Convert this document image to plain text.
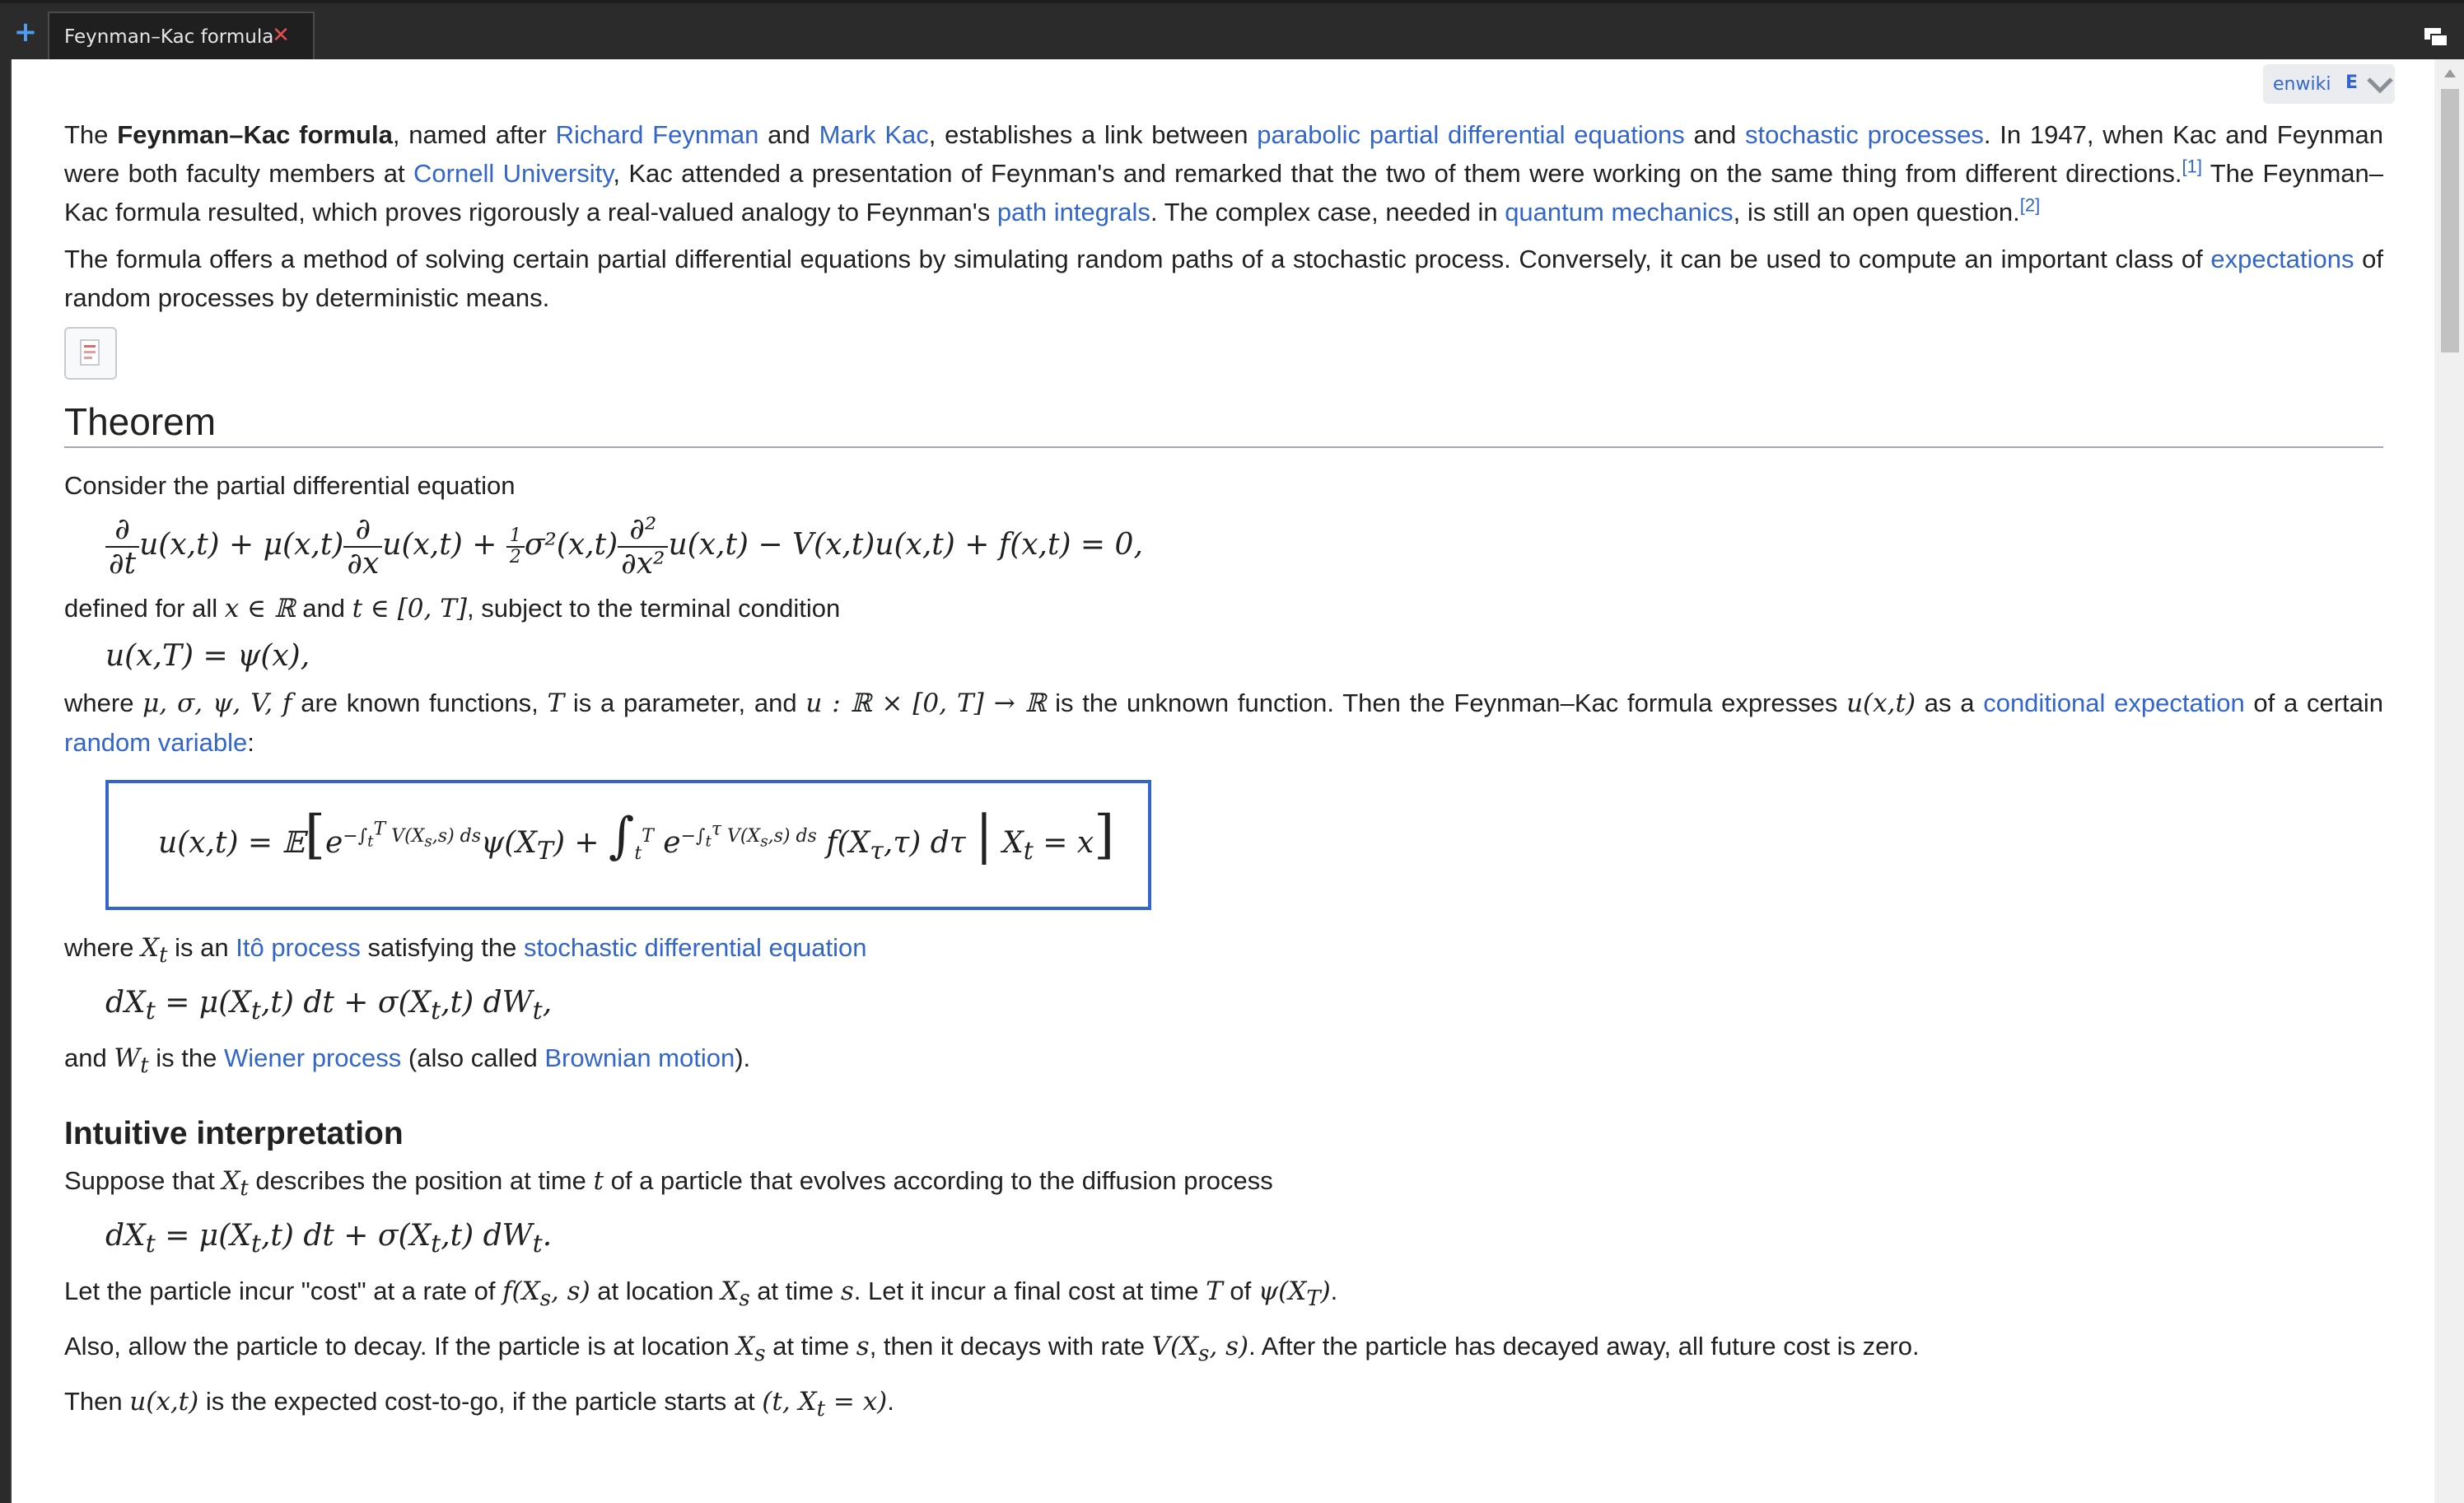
+ Feynman–Kac formula
✕
enwiki E

The Feynman–Kac formula, named after Richard Feynman and Mark Kac, establishes a link between parabolic partial differential equations and stochastic processes. In 1947, when Kac and Feynman were both faculty members at Cornell University, Kac attended a presentation of Feynman's and remarked that the two of them were working on the same thing from different directions.[1] The Feynman–Kac formula resulted, which proves rigorously a real-valued analogy to Feynman's path integrals. The complex case, needed in quantum mechanics, is still an open question.[2]

The formula offers a method of solving certain partial differential equations by simulating random paths of a stochastic process. Conversely, it can be used to compute an important class of expectations of random processes by deterministic means.

Theorem

Consider the partial differential equation

$\frac{\partial}{\partial t} u(x,t) + \mu(x,t) \frac{\partial}{\partial x} u(x,t) + \frac{1}{2} \sigma^2(x,t) \frac{\text{∂²}}{\text{∂x²}} u(x,t) - V(x,t)u(x,t) + f(x,t) = 0$,

defined for all x ∈ ℝ and t ∈ [0, T], subject to the terminal condition

u(x,T) = ψ(x),

where μ, σ, ψ, V, f are known functions, T is a parameter, and u : ℝ × [0, T] → ℝ is the unknown function. Then the Feynman–Kac formula expresses u(x,t) as a conditional expectation of a certain random variable:

$u(x,t) = 𝔼[e^{-\int_t^T V(X_s,s) ds}\psi(X_T) + \int_t^T$ $e^{-\int_t^\tau V(X_s,s) ds}$ $f(X_\tau,\tau)$ dτ | $X_t = x$]

where $X_t$ is an Itô process satisfying the stochastic differential equation

$dX_t = \mu(X_t,t)$ dt + $\sigma(X_t,t)$ $dW_t$,

and $W_t$ is the Wiener process (also called Brownian motion).

Intuitive interpretation

Suppose that $X_t$ describes the position at time t of a particle that evolves according to the diffusion process

$dX_t = \mu(X_t,t)$ dt + $\sigma(X_t,t)$ $dW_t$.

Let the particle incur "cost" at a rate of $f(X_s$, s) at location $X_s$ at time s. Let it incur a final cost at time T of $\psi(X_T)$.

Also, allow the particle to decay. If the particle is at location $X_s$ at time s, then it decays with rate $V(X_s$, s). After the particle has decayed away, all future cost is zero.

Then u(x,t) is the expected cost-to-go, if the particle starts at (t, $X_t = x$).
